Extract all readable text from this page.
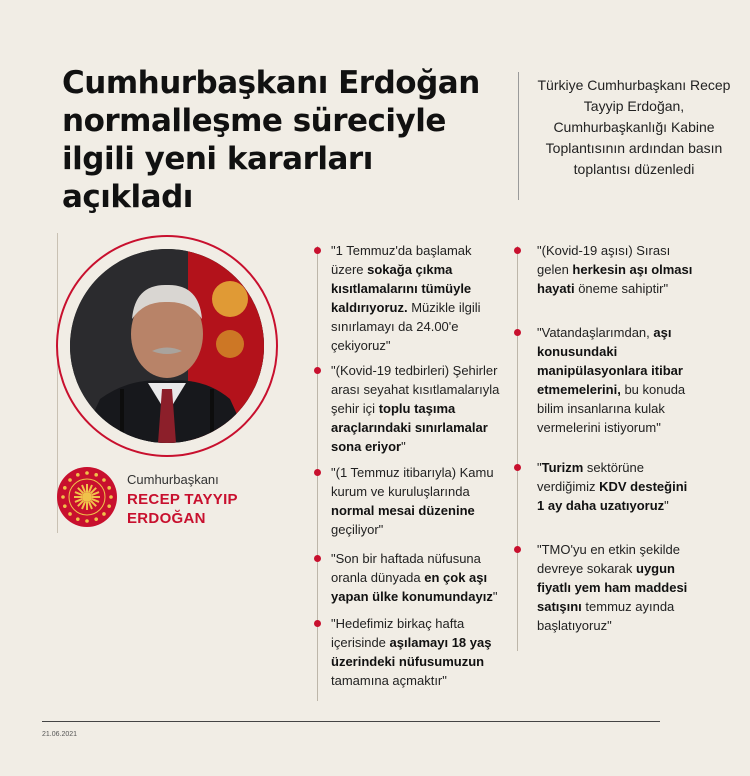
Cumhurbaşkanı Erdoğan normalleşme süreciyle ilgili yeni kararları açıkladı
Türkiye Cumhurbaşkanı Recep Tayyip Erdoğan, Cumhurbaşkanlığı Kabine Toplantısının ardından basın toplantısı düzenledi
Cumhurbaşkanı
RECEP TAYYIP ERDOĞAN
"1 Temmuz'da başlamak üzere sokağa çıkma kısıtlamalarını tümüyle kaldırıyoruz. Müzikle ilgili sınırlamayı da 24.00'e çekiyoruz"
"(Kovid-19 tedbirleri) Şehirler arası seyahat kısıtlamalarıyla şehir içi toplu taşıma araçlarındaki sınırlamalar sona eriyor"
"(1 Temmuz itibarıyla) Kamu kurum ve kuruluşlarında normal mesai düzenine geçiliyor"
"Son bir haftada nüfusuna oranla dünyada en çok aşı yapan ülke konumundayız"
"Hedefimiz birkaç hafta içerisinde aşılamayı 18 yaş üzerindeki nüfusumuzun tamamına açmaktır"
"(Kovid-19 aşısı) Sırası gelen herkesin aşı olması hayati öneme sahiptir"
"Vatandaşlarımdan, aşı konusundaki manipülasyonlara itibar etmemelerini, bu konuda bilim insanlarına kulak vermelerini istiyorum"
"Turizm sektörüne verdiğimiz KDV desteğini 1 ay daha uzatıyoruz"
"TMO'yu en etkin şekilde devreye sokarak uygun fiyatlı yem ham maddesi satışını temmuz ayında başlatıyoruz"
21.06.2021
